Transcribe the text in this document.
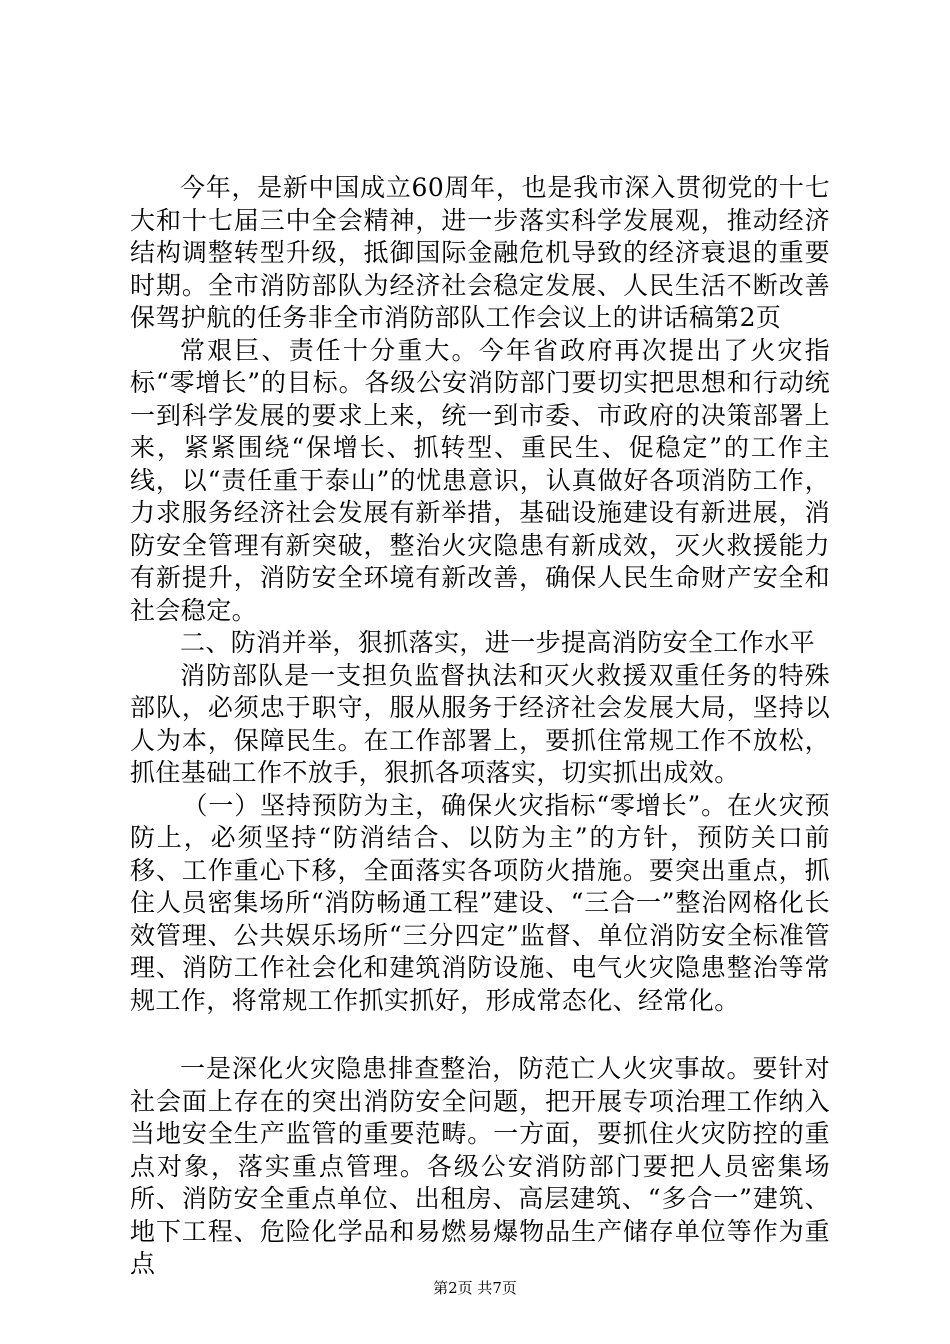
今年，是新中国成立60周年，也是我市深入贯彻党的十七大和十七届三中全会精神，进一步落实科学发展观，推动经济结构调整转型升级，抵御国际金融危机导致的经济衰退的重要时期。全市消防部队为经济社会稳定发展、人民生活不断改善保驾护航的任务非全市消防部队工作会议上的讲话稿第2页

常艰巨、责任十分重大。今年省政府再次提出了火灾指标“零增长”的目标。各级公安消防部门要切实把思想和行动统一到科学发展的要求上来，统一到市委、市政府的决策部署上来，紧紧围绕“保增长、抓转型、重民生、促稳定”的工作主线，以“责任重于泰山”的忧患意识，认真做好各项消防工作，力求服务经济社会发展有新举措，基础设施建设有新进展，消防安全管理有新突破，整治火灾隐患有新成效，灭火救援能力有新提升，消防安全环境有新改善，确保人民生命财产安全和社会稳定。

二、防消并举，狠抓落实，进一步提高消防安全工作水平

消防部队是一支担负监督执法和灭火救援双重任务的特殊部队，必须忠于职守，服从服务于经济社会发展大局，坚持以人为本，保障民生。在工作部署上，要抓住常规工作不放松，抓住基础工作不放手，狠抓各项落实，切实抓出成效。

（一）坚持预防为主，确保火灾指标“零增长”。在火灾预防上，必须坚持“防消结合、以防为主”的方针，预防关口前移、工作重心下移，全面落实各项防火措施。要突出重点，抓住人员密集场所“消防畅通工程”建设、“三合一”整治网格化长效管理、公共娱乐场所“三分四定”监督、单位消防安全标准管理、消防工作社会化和建筑消防设施、电气火灾隐患整治等常规工作，将常规工作抓实抓好，形成常态化、经常化。

一是深化火灾隐患排查整治，防范亡人火灾事故。要针对社会面上存在的突出消防安全问题，把开展专项治理工作纳入当地安全生产监管的重要范畴。一方面，要抓住火灾防控的重点对象，落实重点管理。各级公安消防部门要把人员密集场所、消防安全重点单位、出租房、高层建筑、“多合一”建筑、地下工程、危险化学品和易燃易爆物品生产储存单位等作为重点

第2页 共7页
